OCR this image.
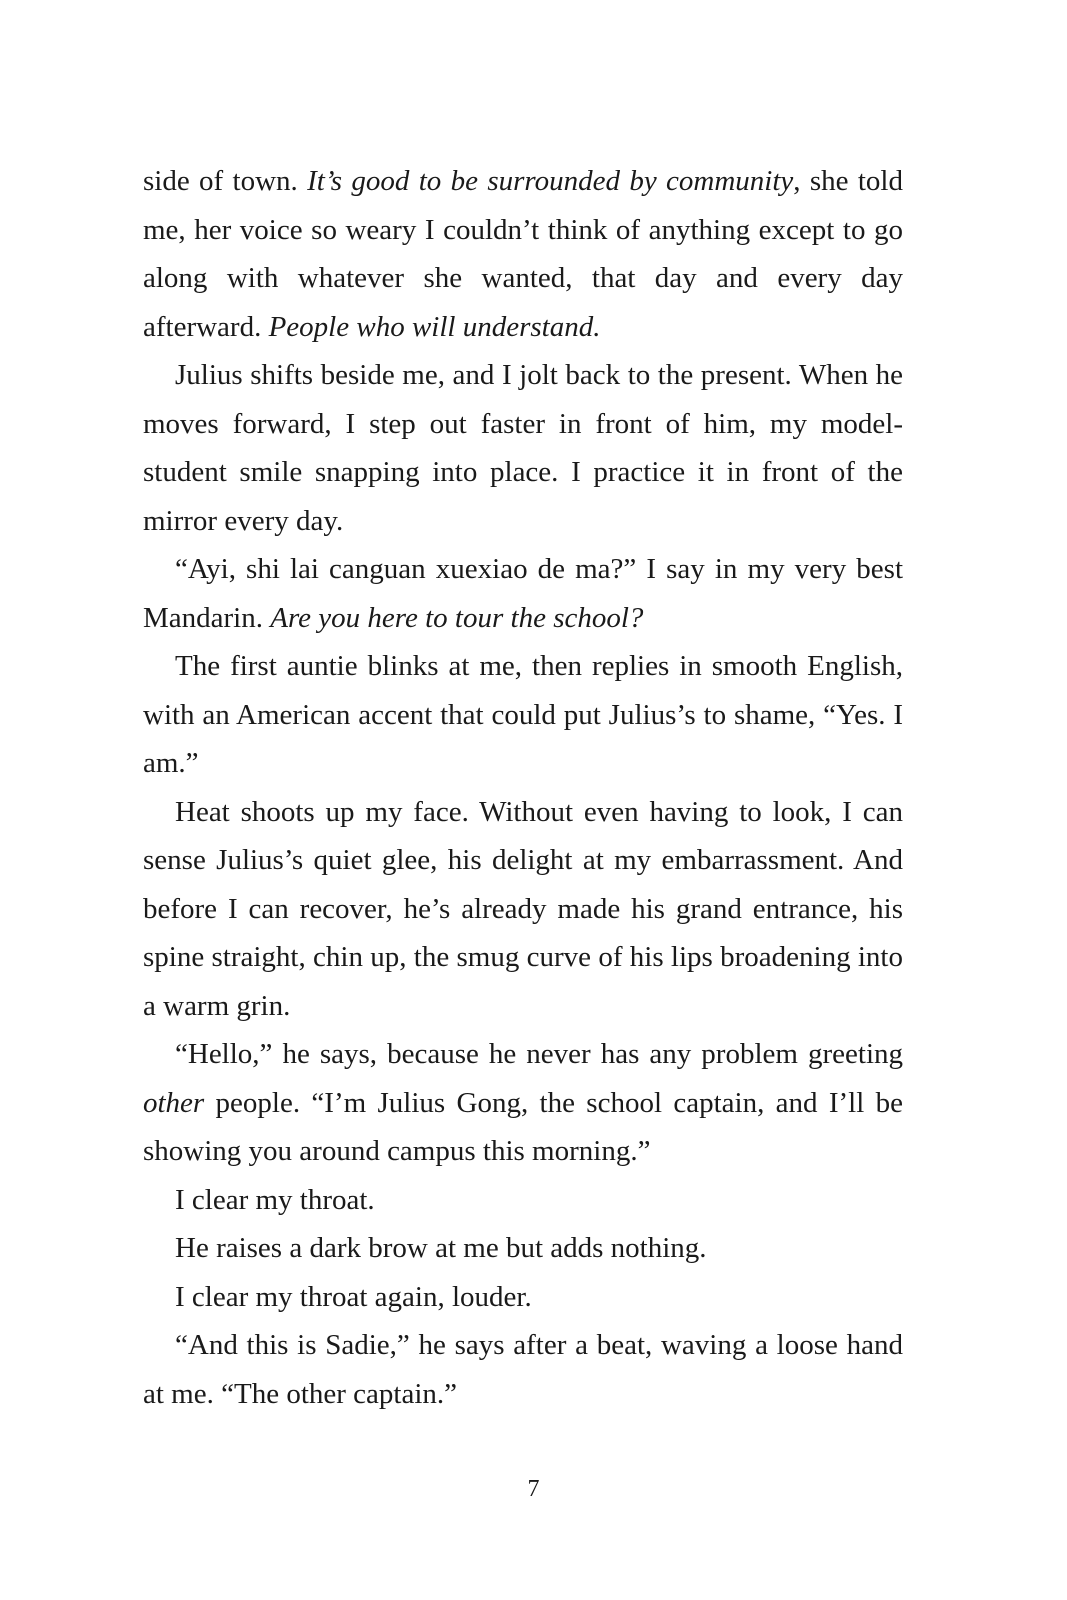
side of town. It’s good to be surrounded by community, she told me, her voice so weary I couldn’t think of anything except to go along with whatever she wanted, that day and every day afterward. People who will understand.

Julius shifts beside me, and I jolt back to the present. When he moves forward, I step out faster in front of him, my model-student smile snapping into place. I practice it in front of the mirror every day.

“Ayi, shi lai canguan xuexiao de ma?” I say in my very best Mandarin. Are you here to tour the school?

The first auntie blinks at me, then replies in smooth English, with an American accent that could put Julius’s to shame, “Yes. I am.”

Heat shoots up my face. Without even having to look, I can sense Julius’s quiet glee, his delight at my embarrassment. And before I can recover, he’s already made his grand entrance, his spine straight, chin up, the smug curve of his lips broadening into a warm grin.

“Hello,” he says, because he never has any problem greeting other people. “I’m Julius Gong, the school captain, and I’ll be showing you around campus this morning.”

I clear my throat.

He raises a dark brow at me but adds nothing.

I clear my throat again, louder.

“And this is Sadie,” he says after a beat, waving a loose hand at me. “The other captain.”

7
